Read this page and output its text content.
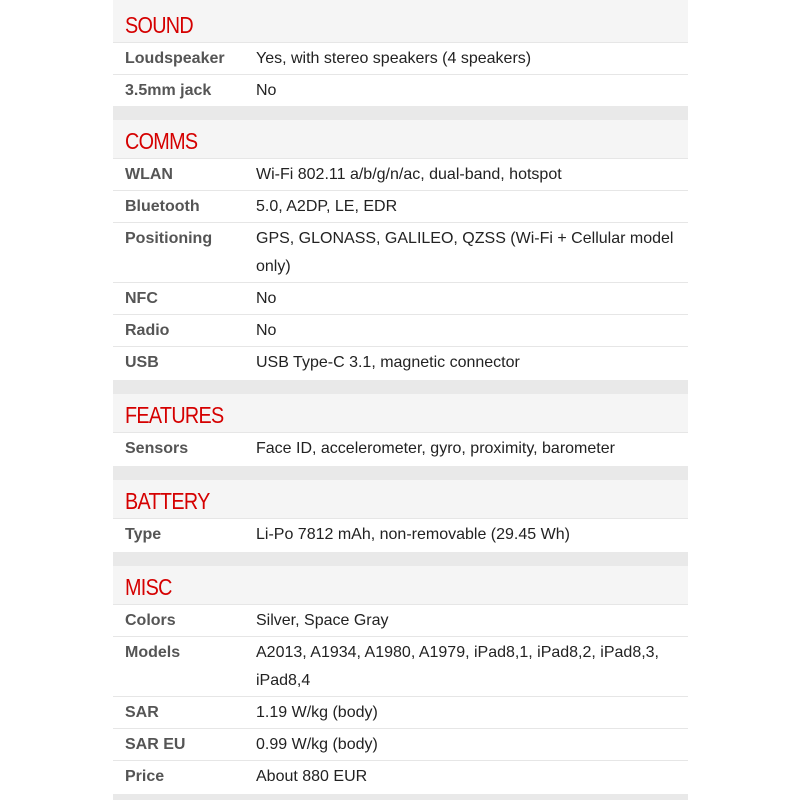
SOUND
Loudspeaker Yes, with stereo speakers (4 speakers)
3.5mm jack	No
COMMS
WLAN	Wi-Fi 802.11 a/b/g/n/ac, dual-band, hotspot
Bluetooth	5.0, A2DP, LE, EDR
Positioning	GPS, GLONASS, GALILEO, QZSS (Wi-Fi + Cellular model only)
NFC	No
Radio	No
USB	USB Type-C 3.1, magnetic connector
FEATURES
Sensors	Face ID, accelerometer, gyro, proximity, barometer
BATTERY
Type	Li-Po 7812 mAh, non-removable (29.45 Wh)
MISC
Colors	Silver, Space Gray
Models	A2013, A1934, A1980, A1979, iPad8,1, iPad8,2, iPad8,3, iPad8,4
SAR	1.19 W/kg (body)
SAR EU	0.99 W/kg (body)
Price	About 880 EUR
